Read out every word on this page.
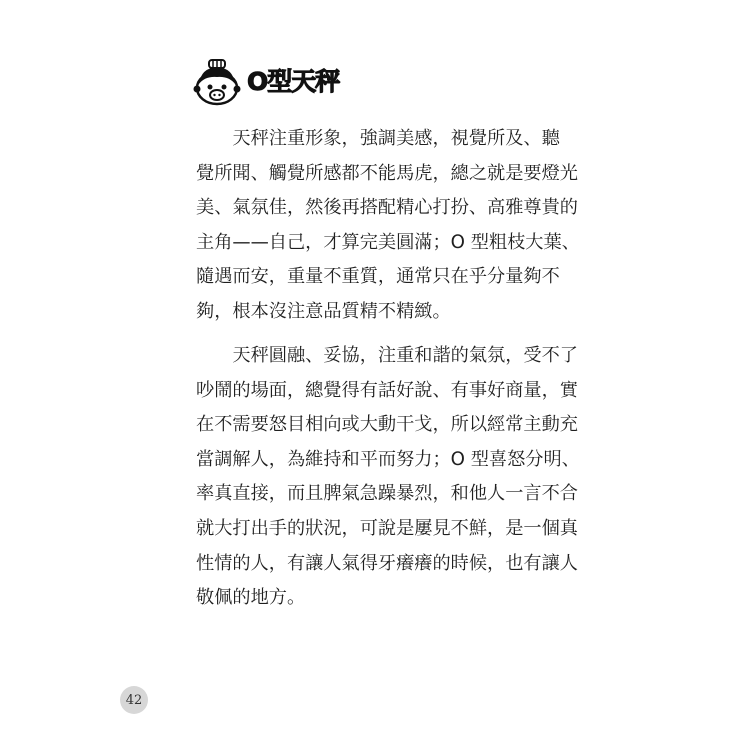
O型天秤

　　天秤注重形象，強調美感，視覺所及、聽

覺所聞、觸覺所感都不能馬虎，總之就是要燈光

美、氣氛佳，然後再搭配精心打扮、高雅尊貴的

主角——自己，才算完美圓滿；O 型粗枝大葉、

隨遇而安，重量不重質，通常只在乎分量夠不

夠，根本沒注意品質精不精緻。

　　天秤圓融、妥協，注重和諧的氣氛，受不了

吵鬧的場面，總覺得有話好說、有事好商量，實

在不需要怒目相向或大動干戈，所以經常主動充

當調解人，為維持和平而努力；O 型喜怒分明、

率真直接，而且脾氣急躁暴烈，和他人一言不合

就大打出手的狀況，可說是屢見不鮮，是一個真

性情的人，有讓人氣得牙癢癢的時候，也有讓人

敬佩的地方。

42
